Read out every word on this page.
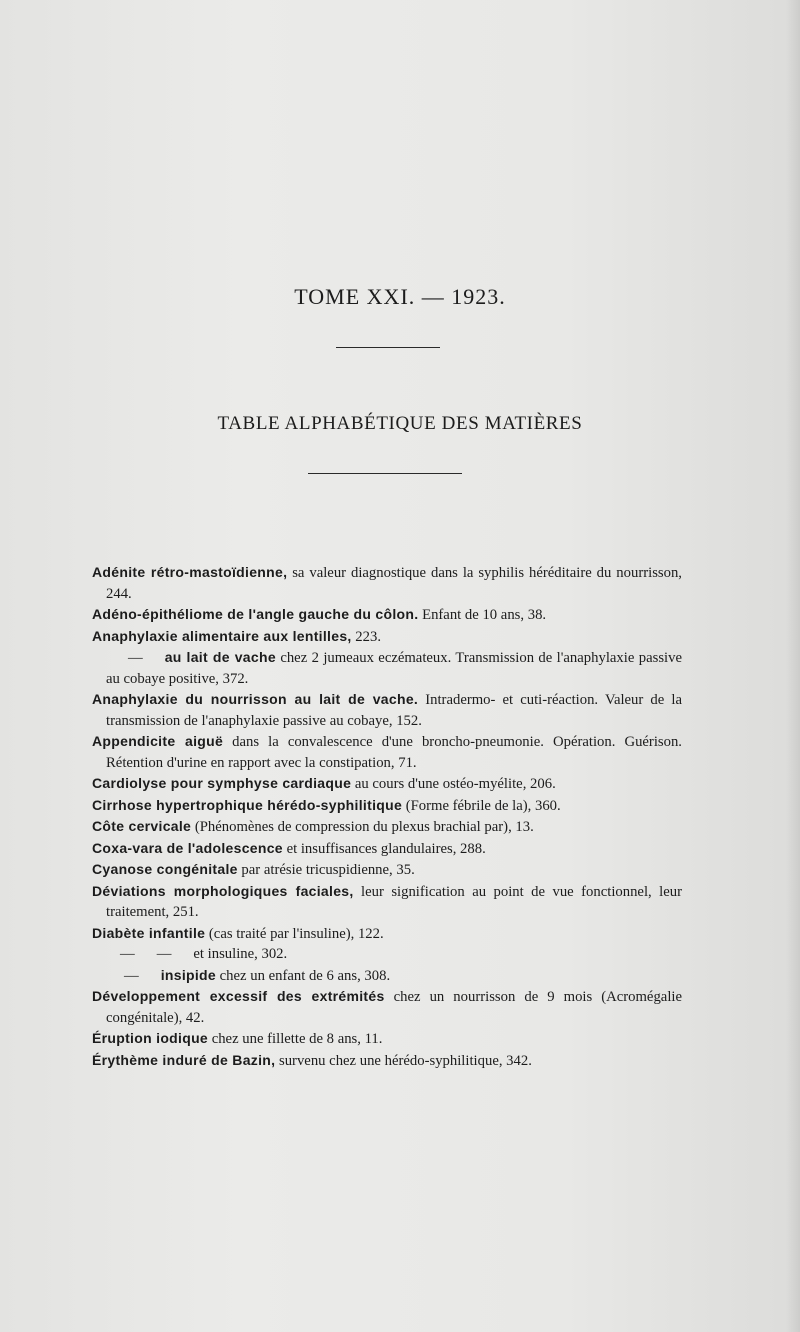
TOME XXI. — 1923.
TABLE ALPHABÉTIQUE DES MATIÈRES

Adénite rétro-mastoïdienne, sa valeur diagnostique dans la syphilis héréditaire du nourrisson, 244.

Adéno-épithéliome de l'angle gauche du côlon. Enfant de 10 ans, 38.

Anaphylaxie alimentaire aux lentilles, 223.

— au lait de vache chez 2 jumeaux eczémateux. Transmission de l'anaphylaxie passive au cobaye positive, 372.

Anaphylaxie du nourrisson au lait de vache. Intradermo- et cuti-réaction. Valeur de la transmission de l'anaphylaxie passive au cobaye, 152.

Appendicite aiguë dans la convalescence d'une broncho-pneumonie. Opération. Guérison. Rétention d'urine en rapport avec la constipation, 71.

Cardiolyse pour symphyse cardiaque au cours d'une ostéo-myélite, 206.

Cirrhose hypertrophique hérédo-syphilitique (Forme fébrile de la), 360.

Côte cervicale (Phénomènes de compression du plexus brachial par), 13.

Coxa-vara de l'adolescence et insuffisances glandulaires, 288.

Cyanose congénitale par atrésie tricuspidienne, 35.

Déviations morphologiques faciales, leur signification au point de vue fonctionnel, leur traitement, 251.

Diabète infantile (cas traité par l'insuline), 122.

— — et insuline, 302.

— insipide chez un enfant de 6 ans, 308.

Développement excessif des extrémités chez un nourrisson de 9 mois (Acromégalie congénitale), 42.

Éruption iodique chez une fillette de 8 ans, 11.

Érythème induré de Bazin, survenu chez une hérédo-syphilitique, 342.
